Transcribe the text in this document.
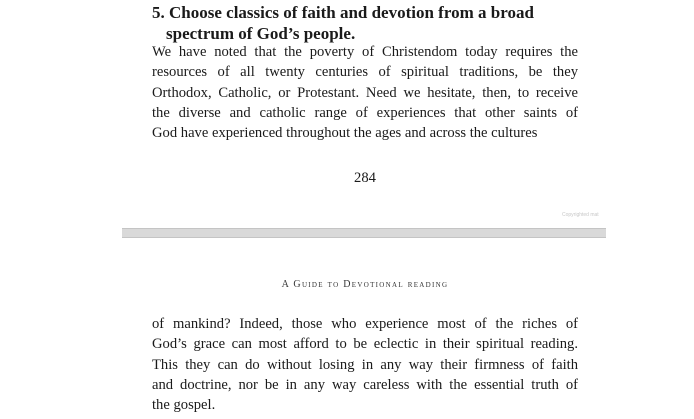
5. Choose classics of faith and devotion from a broad
spectrum of God’s people.
We have noted that the poverty of Christendom today requires the
resources of all twenty centuries of spiritual traditions, be they
Orthodox, Catholic, or Protestant. Need we hesitate, then, to receive
the diverse and catholic range of experiences that other saints of
God have experienced throughout the ages and across the cultures
284
Copyrighted mat
A Guide to Devotional reading
of mankind? Indeed, those who experience most of the riches of
God’s grace can most afford to be eclectic in their spiritual reading.
This they can do without losing in any way their firmness of faith
and doctrine, nor be in any way careless with the essential truth of
the gospel.
